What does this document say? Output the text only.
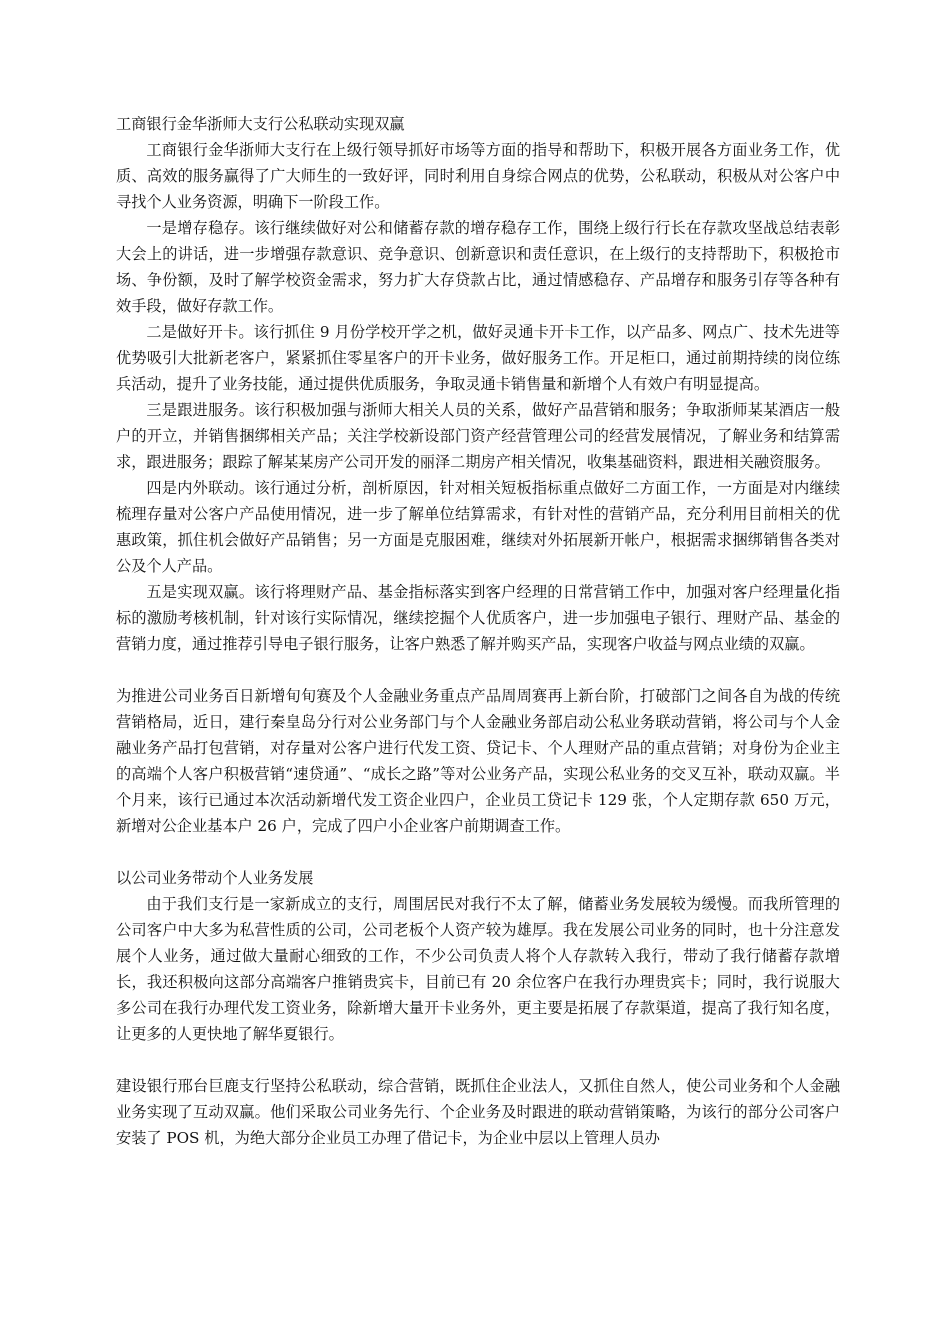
工商银行金华浙师大支行公私联动实现双赢

工商银行金华浙师大支行在上级行领导抓好市场等方面的指导和帮助下，积极开展各方面业务工作，优质、高效的服务赢得了广大师生的一致好评，同时利用自身综合网点的优势，公私联动，积极从对公客户中寻找个人业务资源，明确下一阶段工作。

一是增存稳存。该行继续做好对公和储蓄存款的增存稳存工作，围绕上级行行长在存款攻坚战总结表彰大会上的讲话，进一步增强存款意识、竞争意识、创新意识和责任意识，在上级行的支持帮助下，积极抢市场、争份额，及时了解学校资金需求，努力扩大存贷款占比，通过情感稳存、产品增存和服务引存等各种有效手段，做好存款工作。

二是做好开卡。该行抓住 9 月份学校开学之机，做好灵通卡开卡工作，以产品多、网点广、技术先进等优势吸引大批新老客户，紧紧抓住零星客户的开卡业务，做好服务工作。开足柜口，通过前期持续的岗位练兵活动，提升了业务技能，通过提供优质服务，争取灵通卡销售量和新增个人有效户有明显提高。

三是跟进服务。该行积极加强与浙师大相关人员的关系，做好产品营销和服务；争取浙师某某酒店一般户的开立，并销售捆绑相关产品；关注学校新设部门资产经营管理公司的经营发展情况，了解业务和结算需求，跟进服务；跟踪了解某某房产公司开发的丽泽二期房产相关情况，收集基础资料，跟进相关融资服务。

四是内外联动。该行通过分析，剖析原因，针对相关短板指标重点做好二方面工作，一方面是对内继续梳理存量对公客户产品使用情况，进一步了解单位结算需求，有针对性的营销产品，充分利用目前相关的优惠政策，抓住机会做好产品销售；另一方面是克服困难，继续对外拓展新开帐户，根据需求捆绑销售各类对公及个人产品。

五是实现双赢。该行将理财产品、基金指标落实到客户经理的日常营销工作中，加强对客户经理量化指标的激励考核机制，针对该行实际情况，继续挖掘个人优质客户，进一步加强电子银行、理财产品、基金的营销力度，通过推荐引导电子银行服务，让客户熟悉了解并购买产品，实现客户收益与网点业绩的双赢。

为推进公司业务百日新增旬旬赛及个人金融业务重点产品周周赛再上新台阶，打破部门之间各自为战的传统营销格局，近日，建行秦皇岛分行对公业务部门与个人金融业务部启动公私业务联动营销，将公司与个人金融业务产品打包营销，对存量对公客户进行代发工资、贷记卡、个人理财产品的重点营销；对身份为企业主的高端个人客户积极营销“速贷通”、“成长之路”等对公业务产品，实现公私业务的交叉互补，联动双赢。半个月来，该行已通过本次活动新增代发工资企业四户，企业员工贷记卡 129 张，个人定期存款 650 万元，新增对公企业基本户 26 户，完成了四户小企业客户前期调查工作。

以公司业务带动个人业务发展

由于我们支行是一家新成立的支行，周围居民对我行不太了解，储蓄业务发展较为缓慢。而我所管理的公司客户中大多为私营性质的公司，公司老板个人资产较为雄厚。我在发展公司业务的同时，也十分注意发展个人业务，通过做大量耐心细致的工作，不少公司负责人将个人存款转入我行，带动了我行储蓄存款增长，我还积极向这部分高端客户推销贵宾卡，目前已有 20 余位客户在我行办理贵宾卡；同时，我行说服大多公司在我行办理代发工资业务，除新增大量开卡业务外，更主要是拓展了存款渠道，提高了我行知名度，让更多的人更快地了解华夏银行。

建设银行邢台巨鹿支行坚持公私联动，综合营销，既抓住企业法人，又抓住自然人，使公司业务和个人金融业务实现了互动双赢。他们采取公司业务先行、个企业务及时跟进的联动营销策略，为该行的部分公司客户安装了 POS 机，为绝大部分企业员工办理了借记卡，为企业中层以上管理人员办
